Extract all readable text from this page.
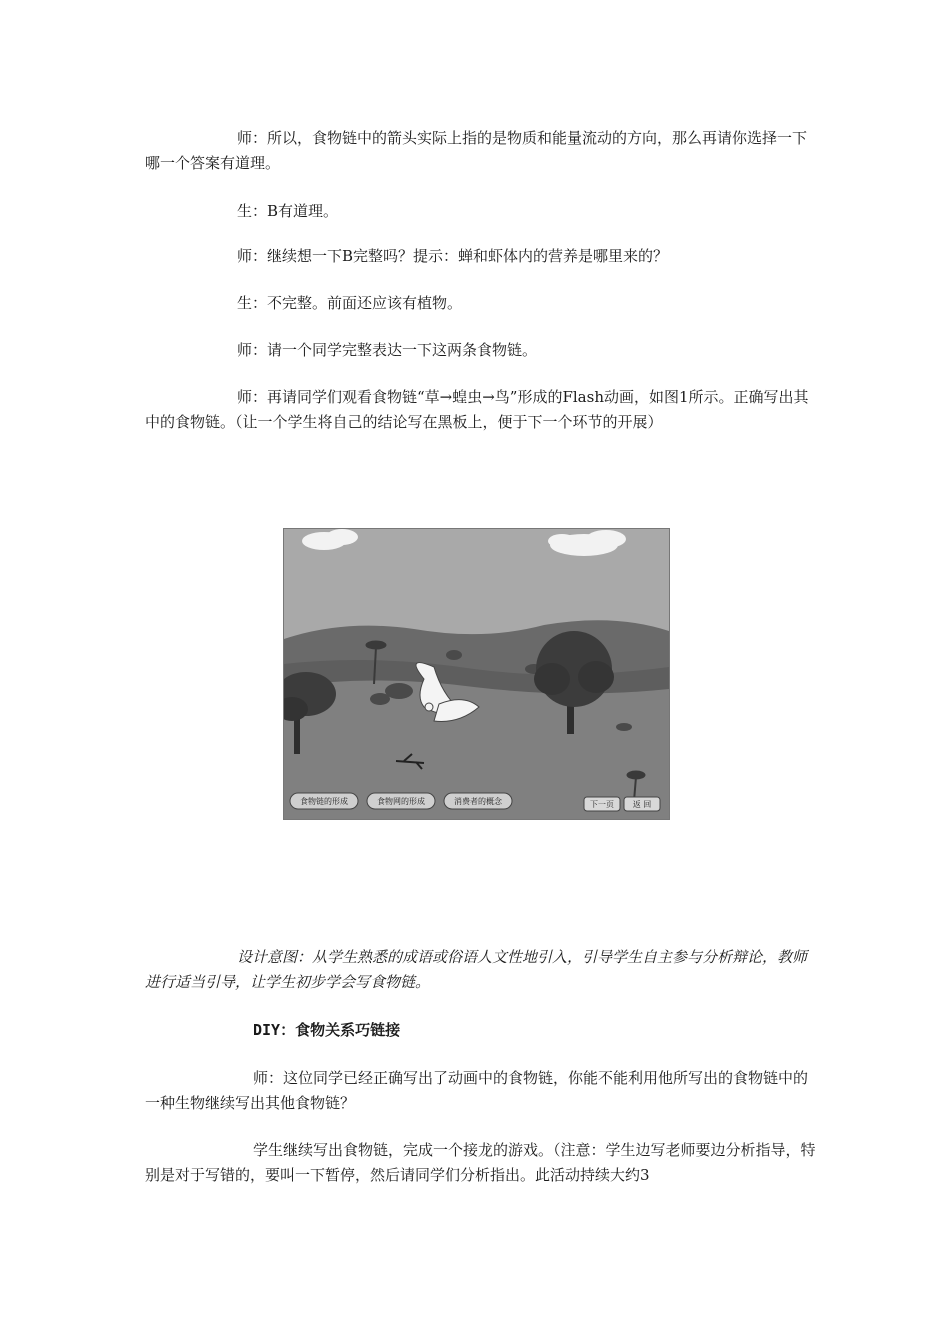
师：所以，食物链中的箭头实际上指的是物质和能量流动的方向，那么再请你选择一下哪一个答案有道理。

生：B有道理。

师：继续想一下B完整吗？提示：蝉和虾体内的营养是哪里来的？

生：不完整。前面还应该有植物。

师：请一个同学完整表达一下这两条食物链。

师：再请同学们观看食物链“草→蝗虫→鸟”形成的Flash动画，如图1所示。正确写出其中的食物链。（让一个学生将自己的结论写在黑板上，便于下一个环节的开展）

食物链的形成	食物网的形成	消费者的概念	下一页 返 回

设计意图：从学生熟悉的成语或俗语人文性地引入，引导学生自主参与分析辩论，教师进行适当引导，让学生初步学会写食物链。

DIY：食物关系巧链接

师：这位同学已经正确写出了动画中的食物链，你能不能利用他所写出的食物链中的一种生物继续写出其他食物链？

学生继续写出食物链，完成一个接龙的游戏。（注意：学生边写老师要边分析指导，特别是对于写错的，要叫一下暂停，然后请同学们分析指出。此活动持续大约3
